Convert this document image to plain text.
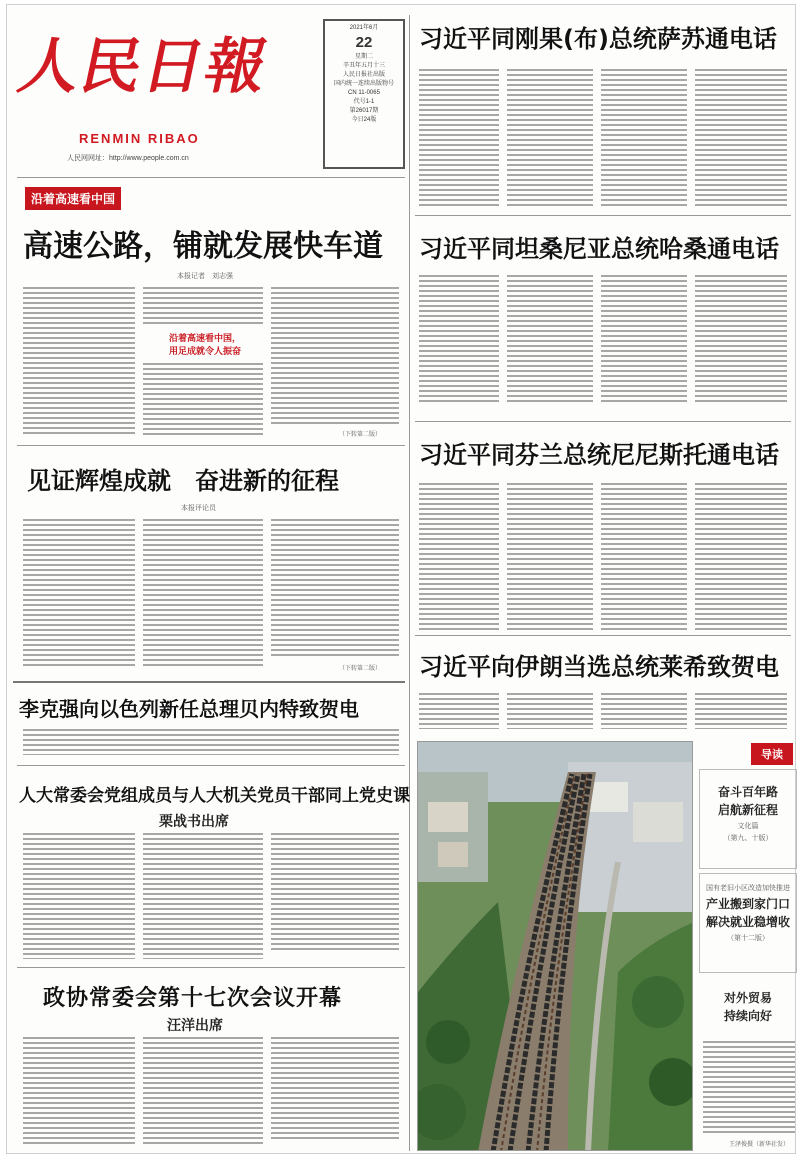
人民日報
RENMIN RIBAO
人民网网址：http://www.people.com.cn
2021年6月
22
星期二
辛丑年五月十三
人民日报社出版
国内统一连续出版物号
CN 11-0065
代号1-1
第26017期
今日24版
习近平同刚果(布)总统萨苏通电话
习近平同坦桑尼亚总统哈桑通电话
习近平同芬兰总统尼尼斯托通电话
习近平向伊朗当选总统莱希致贺电
沿着高速看中国
高速公路，铺就发展快车道
本报记者　刘志强
沿着高速看中国，
用足成就令人振奋
（下转第二版）
见证辉煌成就　奋进新的征程
本报评论员
（下转第二版）
李克强向以色列新任总理贝内特致贺电
人大常委会党组成员与人大机关党员干部同上党史课
栗战书出席
政协常委会第十七次会议开幕
汪洋出席
导读
奋斗百年路
启航新征程
文化篇
（第九、十版）
国有老旧小区改造加快推进
产业搬到家门口
解决就业稳增收
（第十二版）
对外贸易
持续向好
王泽俊摄（新华社发）
